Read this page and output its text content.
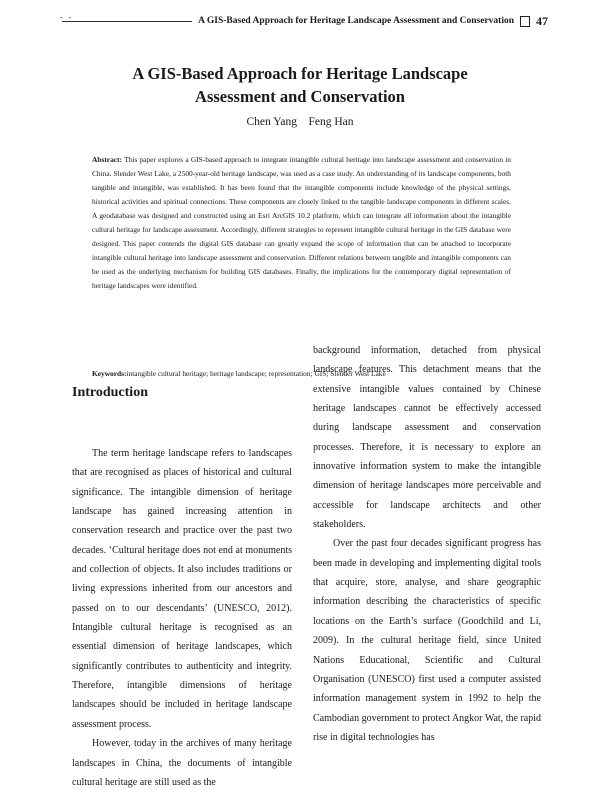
- -	A GIS-Based Approach for Heritage Landscape Assessment and Conservation 47
A GIS-Based Approach for Heritage Landscape
Assessment and Conservation
Chen Yang    Feng Han
Abstract: This paper explores a GIS-based approach to integrate intangible cultural heritage into landscape assessment and conservation in China. Slender West Lake, a 2500-year-old heritage landscape, was used as a case study. An understanding of its landscape components, both tangible and intangible, was established. It has been found that the intangible components include knowledge of the physical settings, historical activities and spiritual connections. These components are closely linked to the tangible landscape components in different scales. A geodatabase was designed and constructed using an Esri ArcGIS 10.2 platform, which can integrate all information about the intangible cultural heritage for landscape assessment. Accordingly, different strategies to represent intangible cultural heritage in the GIS database were designed. This paper contends the digital GIS database can greatly expand the scope of information that can be attached to incorporate intangible cultural heritage into landscape assessment and conservation. Different relations between tangible and intangible components can be used as the underlying mechanism for building GIS databases. Finally, the implications for the contemporary digital representation of heritage landscapes were identified.
Keywords:intangible cultural heritage; heritage landscape; representation; GIS; Slender West Lake
Introduction

The term heritage landscape refers to landscapes that are recognised as places of historical and cultural significance. The intangible dimension of heritage landscape has gained increasing attention in conservation research and practice over the past two decades. ‘Cultural heritage does not end at monuments and collection of objects. It also includes traditions or living expressions inherited from our ancestors and passed on to our descendants’ (UNESCO, 2012). Intangible cultural heritage is recognised as an essential dimension of heritage landscapes, which significantly contributes to authenticity and integrity. Therefore, intangible dimensions of heritage landscapes should be included in heritage landscape assessment process.

However, today in the archives of many heritage landscapes in China, the documents of intangible cultural heritage are still used as the

background information, detached from physical landscape features. This detachment means that the extensive intangible values contained by Chinese heritage landscapes cannot be effectively accessed during landscape assessment and conservation processes. Therefore, it is necessary to explore an innovative information system to make the intangible dimension of heritage landscapes more perceivable and accessible for landscape architects and other stakeholders.

Over the past four decades significant progress has been made in developing and implementing digital tools that acquire, store, analyse, and share geographic information describing the characteristics of specific locations on the Earth’s surface (Goodchild and Li, 2009). In the cultural heritage field, since United Nations Educational, Scientific and Cultural Organisation (UNESCO) first used a computer assisted information management system in 1992 to help the Cambodian government to protect Angkor Wat, the rapid rise in digital technologies has
